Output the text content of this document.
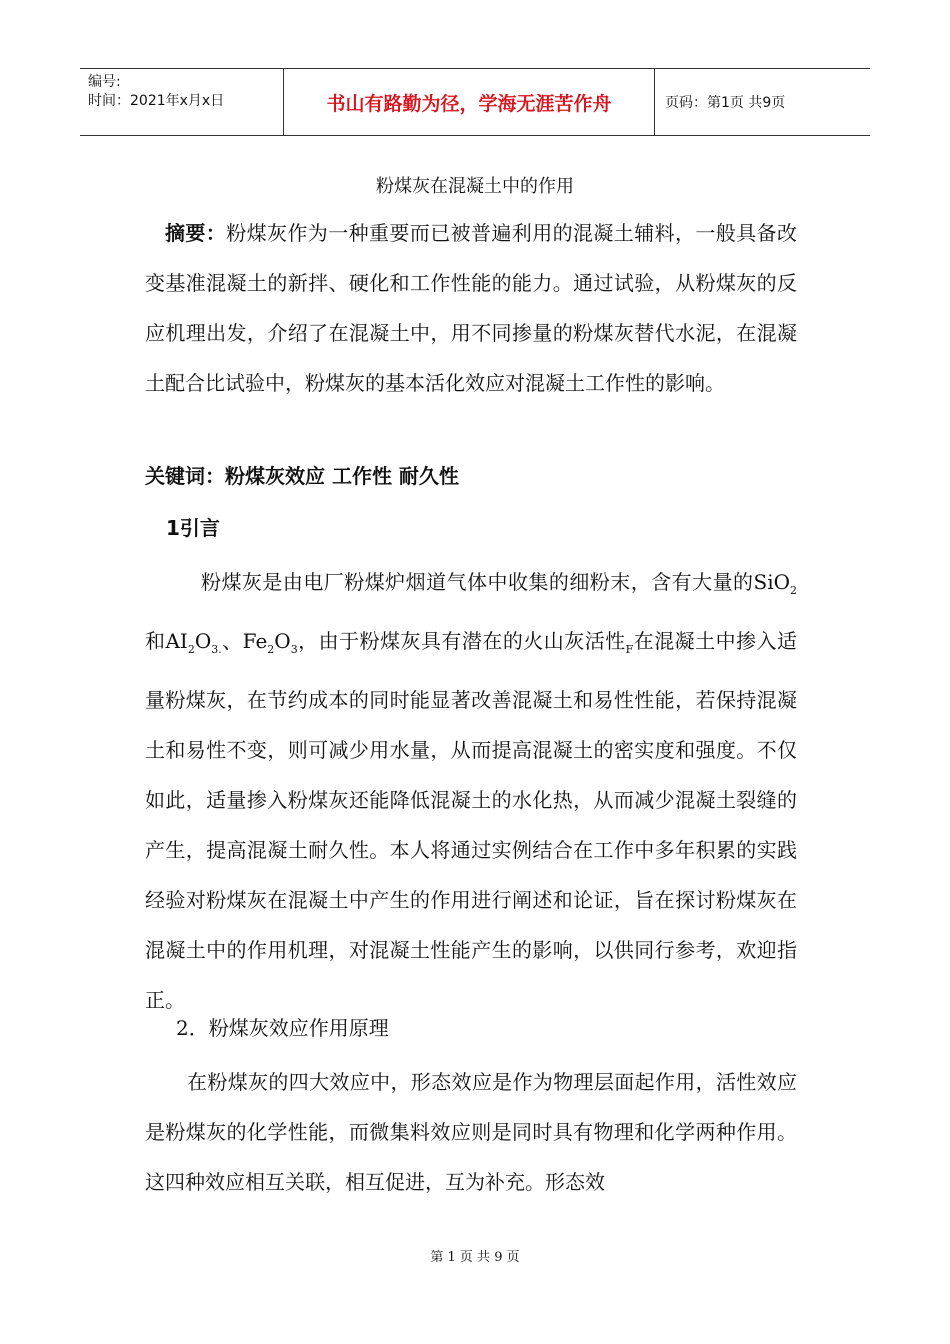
编号:
时间：2021年x月x日	书山有路勤为径，学海无涯苦作舟	页码：第1页 共9页
粉煤灰在混凝土中的作用

摘要：粉煤灰作为一种重要而已被普遍利用的混凝土辅料，一般具备改变基准混凝土的新拌、硬化和工作性能的能力。通过试验，从粉煤灰的反应机理出发，介绍了在混凝土中，用不同掺量的粉煤灰替代水泥，在混凝土配合比试验中，粉煤灰的基本活化效应对混凝土工作性的影响。

关键词：粉煤灰效应 工作性 耐久性

1引言

粉煤灰是由电厂粉煤炉烟道气体中收集的细粉末，含有大量的SiO$_2$和$AI_2O_{3.}$、$Fe_2O_3$，由于粉煤灰具有潜在的火山灰活性$_F$在混凝土中掺入适量粉煤灰，在节约成本的同时能显著改善混凝土和易性性能，若保持混凝土和易性不变，则可减少用水量，从而提高混凝土的密实度和强度。不仅如此，适量掺入粉煤灰还能降低混凝土的水化热，从而减少混凝土裂缝的产生，提高混凝土耐久性。本人将通过实例结合在工作中多年积累的实践经验对粉煤灰在混凝土中产生的作用进行阐述和论证，旨在探讨粉煤灰在混凝土中的作用机理，对混凝土性能产生的影响，以供同行参考，欢迎指正。

2．粉煤灰效应作用原理

在粉煤灰的四大效应中，形态效应是作为物理层面起作用，活性效应是粉煤灰的化学性能，而微集料效应则是同时具有物理和化学两种作用。这四种效应相互关联，相互促进，互为补充。形态效

第 1 页 共 9 页
